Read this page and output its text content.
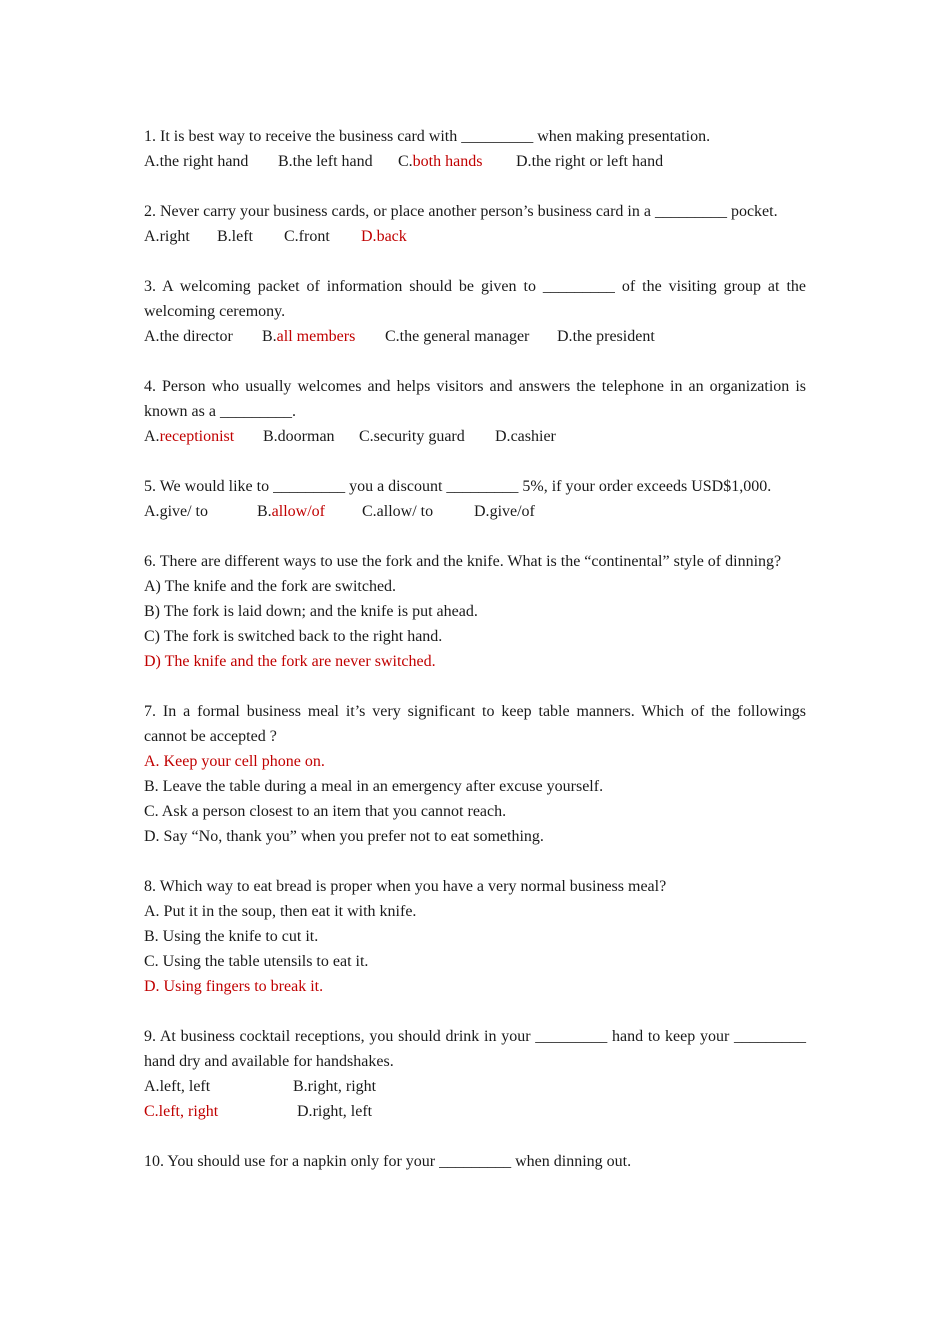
1. It is best way to receive the business card with _________ when making presentation.
A.the right hand B.the left hand C.both hands D.the right or left hand
2. Never carry your business cards, or place another person’s business card in a _________ pocket.
A.right B.left C.front D.back
3. A welcoming packet of information should be given to _________ of the visiting group at the welcoming ceremony.
A.the director B.all members C.the general manager D.the president
4. Person who usually welcomes and helps visitors and answers the telephone in an organization is known as a _________.
A.receptionist B.doorman C.security guard D.cashier
5. We would like to _________ you a discount _________ 5%, if your order exceeds USD$1,000.
A.give/ to	B.allow/of C.allow/ to	D.give/of
6. There are different ways to use the fork and the knife. What is the “continental” style of dinning?
A) The knife and the fork are switched.
B) The fork is laid down; and the knife is put ahead.
C) The fork is switched back to the right hand.
D) The knife and the fork are never switched.
7. In a formal business meal it’s very significant to keep table manners. Which of the followings cannot be accepted ?
A. Keep your cell phone on.
B. Leave the table during a meal in an emergency after excuse yourself.
C. Ask a person closest to an item that you cannot reach.
D. Say “No, thank you” when you prefer not to eat something.
8. Which way to eat bread is proper when you have a very normal business meal?
A. Put it in the soup, then eat it with knife.
B. Using the knife to cut it.
C. Using the table utensils to eat it.
D. Using fingers to break it.
9. At business cocktail receptions, you should drink in your _________ hand to keep your _________ hand dry and available for handshakes.
A.left, left	B.right, right
C.left, right	D.right, left
10. You should use for a napkin only for your _________ when dinning out.
